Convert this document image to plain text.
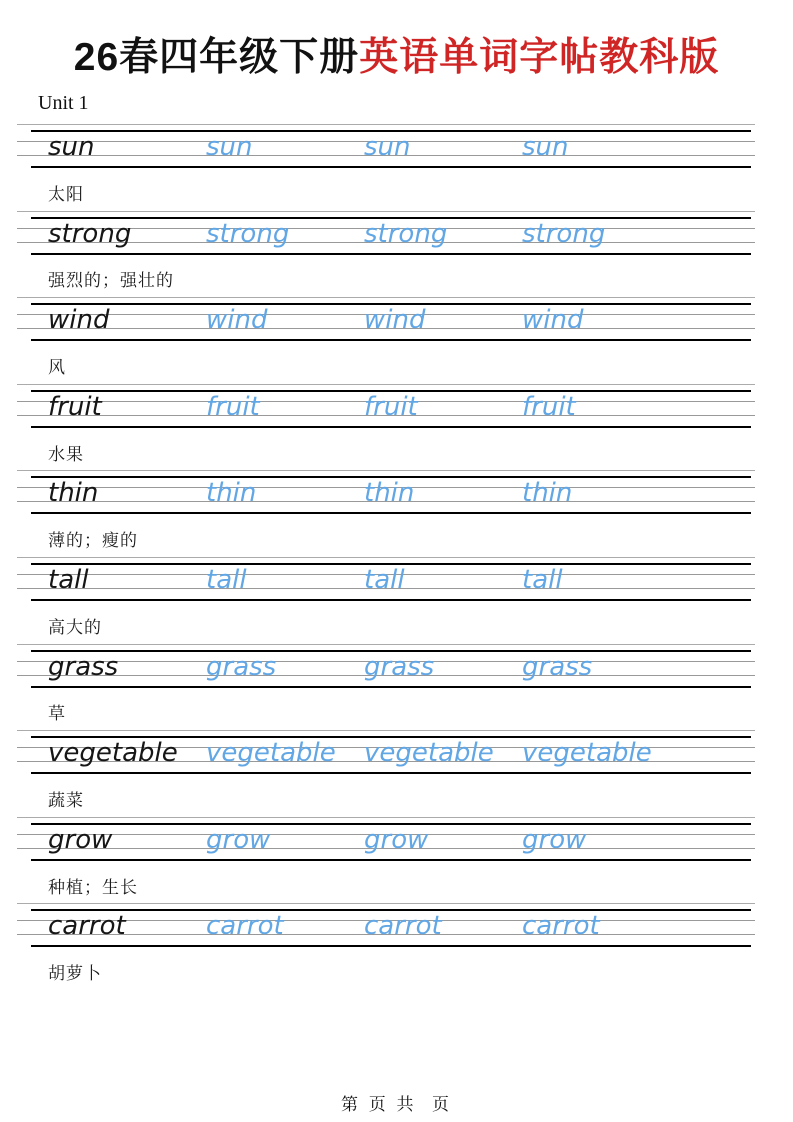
26春四年级下册英语单词字帖教科版
Unit 1
sun	sun	sun	sun
太阳
strong	strong	strong	strong
强烈的；强壮的
wind	wind	wind	wind
风
fruit	fruit	fruit	fruit
水果
thin	thin	thin	thin
薄的；瘦的
tall	tall	tall	tall
高大的
grass	grass	grass	grass
草
vegetable	vegetable	vegetable	vegetable
蔬菜
grow	grow	grow	grow
种植；生长
carrot	carrot	carrot	carrot
胡萝卜
第 页 共  页
